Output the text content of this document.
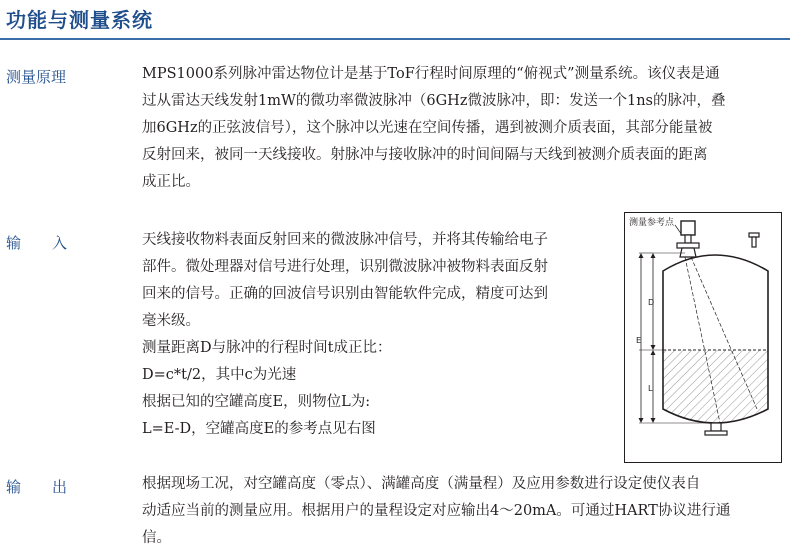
功能与测量系统
测量原理	MPS1000系列脉冲雷达物位计是基于ToF行程时间原理的“俯视式”测量系统。该仪表是通
过从雷达天线发射1mW的微功率微波脉冲（6GHz微波脉冲，即：发送一个1ns的脉冲，叠
加6GHz的正弦波信号），这个脉冲以光速在空间传播，遇到被测介质表面，其部分能量被
反射回来，被同一天线接收。射脉冲与接收脉冲的时间间隔与天线到被测介质表面的距离
成正比。
输 入	天线接收物料表面反射回来的微波脉冲信号，并将其传输给电子
部件。微处理器对信号进行处理，识别微波脉冲被物料表面反射
回来的信号。正确的回波信号识别由智能软件完成，精度可达到
毫米级。
测量距离D与脉冲的行程时间t成正比：
D=c*t/2，其中c为光速
根据已知的空罐高度E，则物位L为:
L=E-D，空罐高度E的参考点见右图
测量参考点
D
E
L
输 出	根据现场工况，对空罐高度（零点）、满罐高度（满量程）及应用参数进行设定使仪表自
动适应当前的测量应用。根据用户的量程设定对应输出4～20mA。可通过HART协议进行通
信。
